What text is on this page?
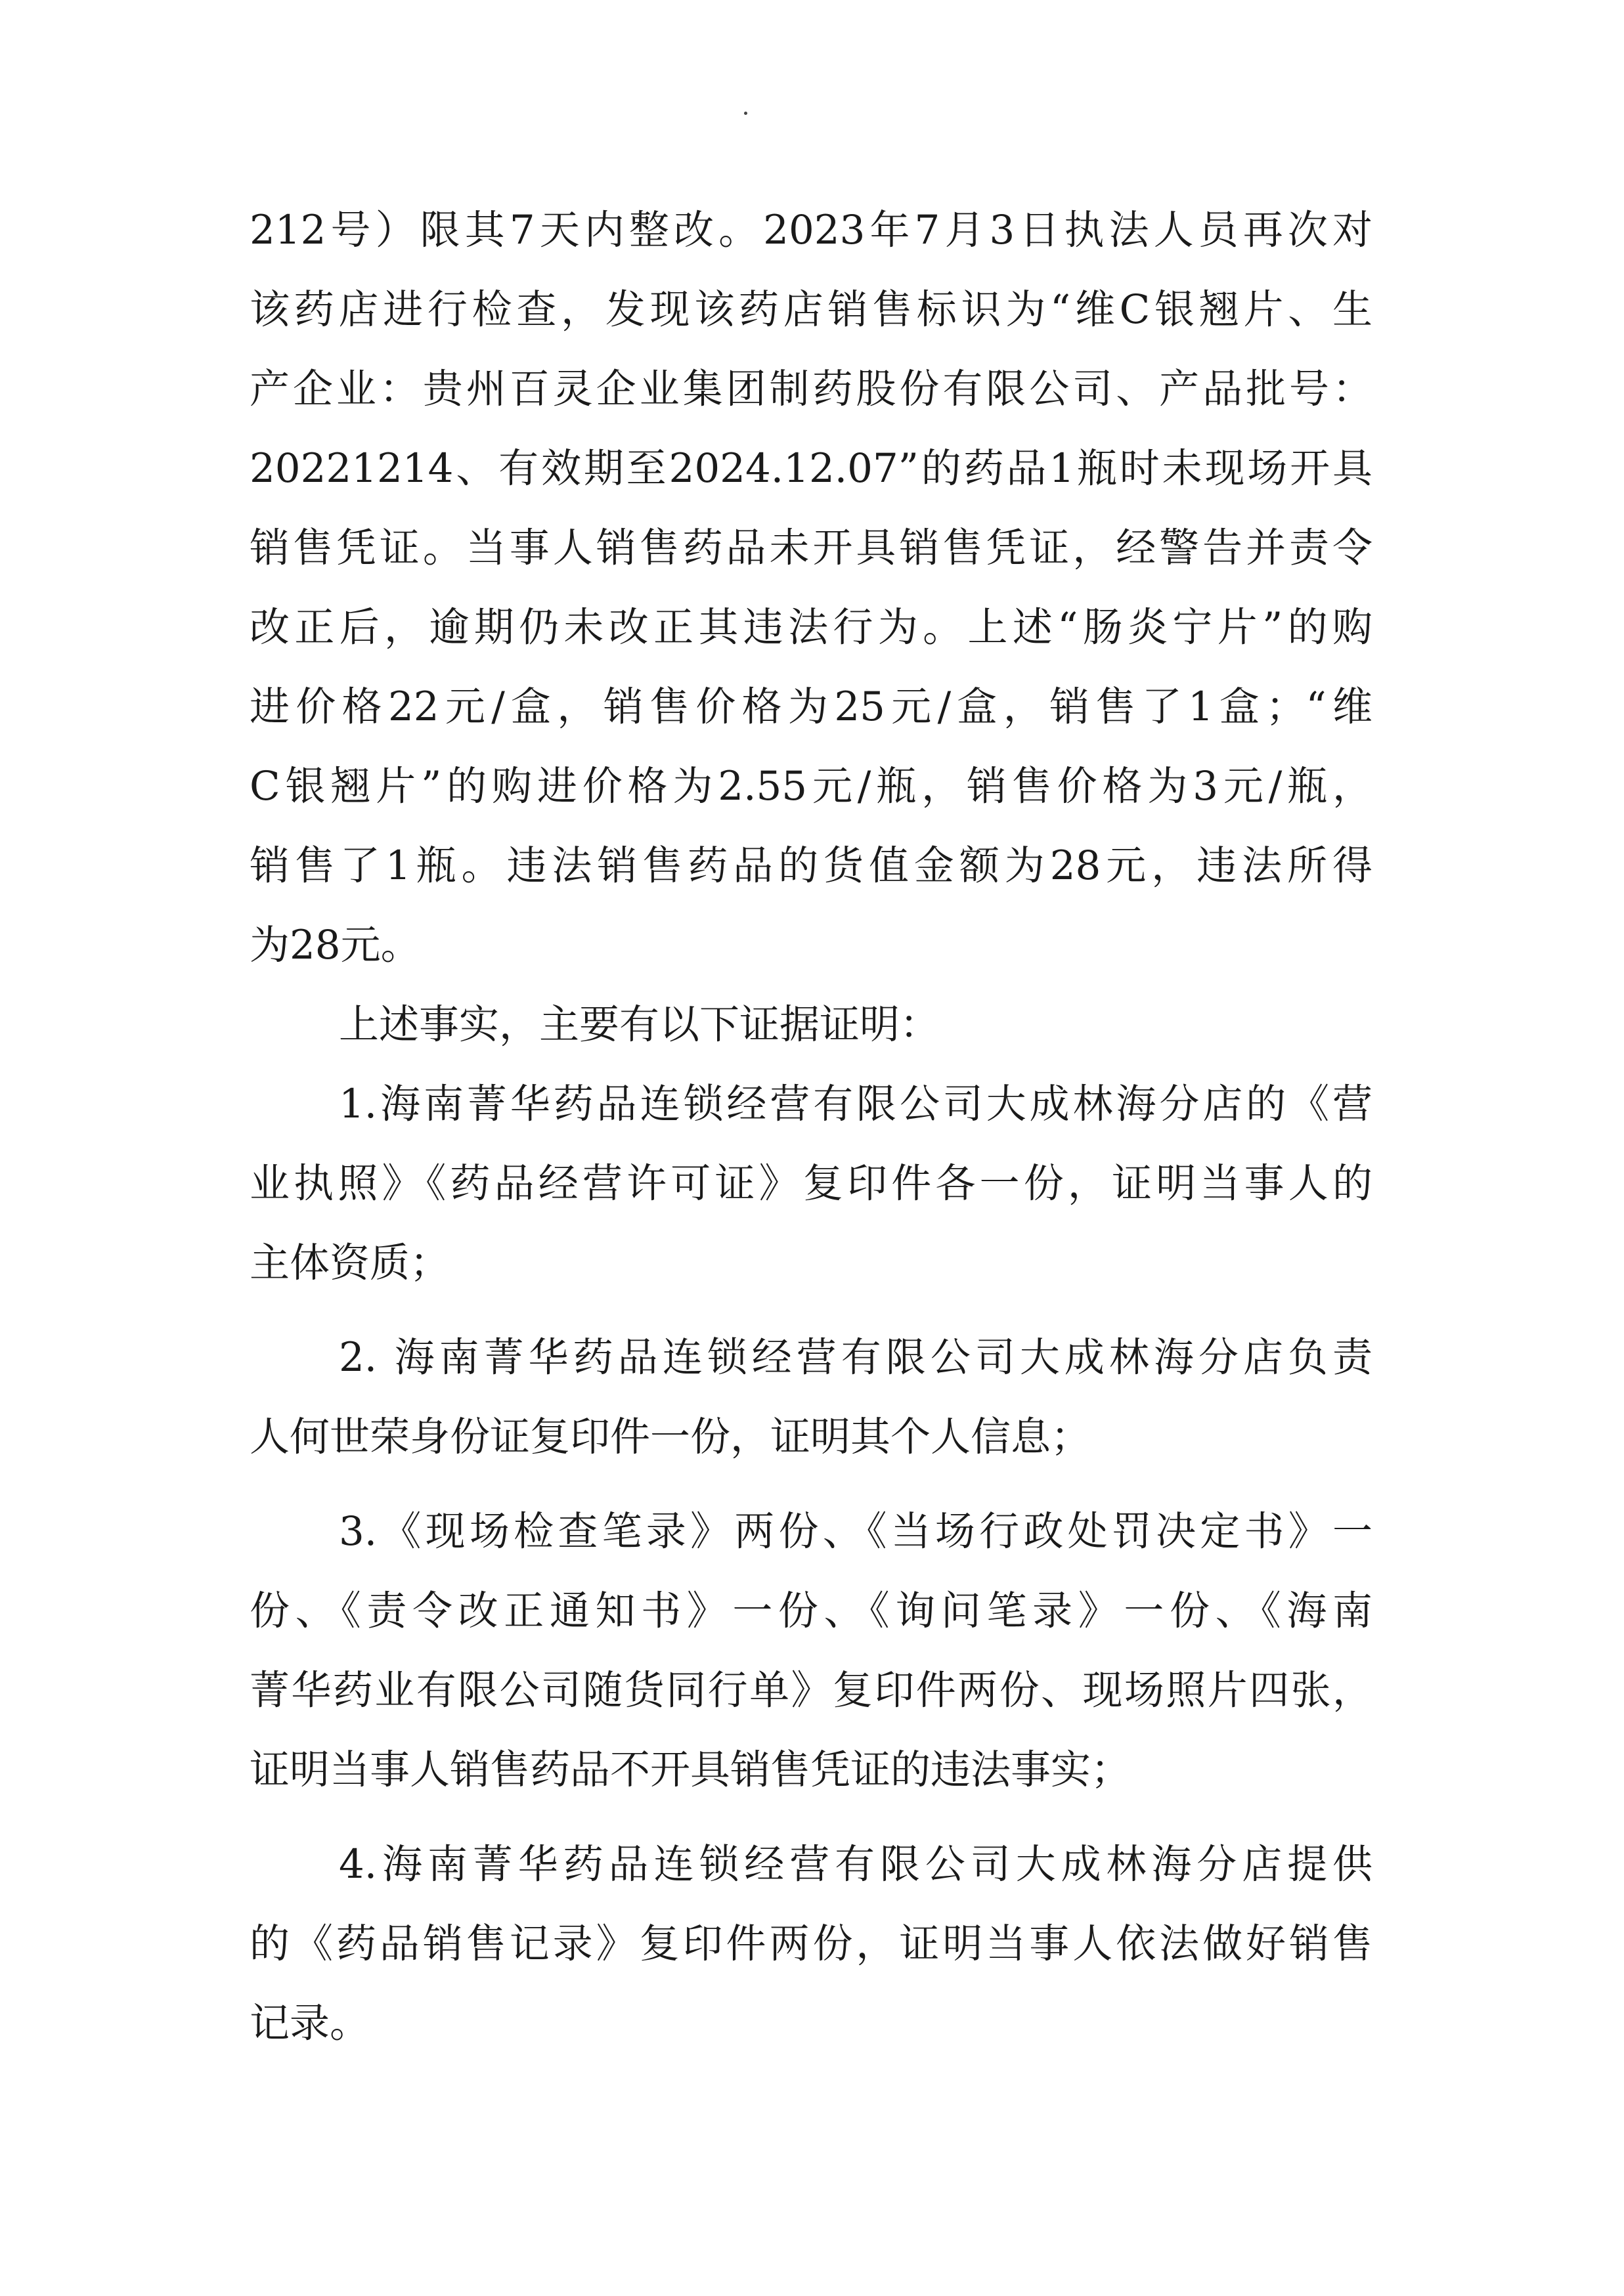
212号）限其7天内整改。2023年7月3日执法人员再次对
该药店进行检查，发现该药店销售标识为“维C银翘片、生
产企业：贵州百灵企业集团制药股份有限公司、产品批号：
20221214、有效期至2024.12.07”的药品1瓶时未现场开具
销售凭证。当事人销售药品未开具销售凭证，经警告并责令
改正后，逾期仍未改正其违法行为。上述“肠炎宁片”的购
进价格22元/盒，销售价格为25元/盒，销售了1盒；“维
C银翘片”的购进价格为2.55元/瓶，销售价格为3元/瓶，
销售了1瓶。违法销售药品的货值金额为28元，违法所得
为28元。
上述事实，主要有以下证据证明：
1.海南菁华药品连锁经营有限公司大成林海分店的《营
业执照》《药品经营许可证》复印件各一份，证明当事人的
主体资质；
2. 海南菁华药品连锁经营有限公司大成林海分店负责
人何世荣身份证复印件一份，证明其个人信息；
3.《现场检查笔录》两份、《当场行政处罚决定书》一
份、《责令改正通知书》一份、《询问笔录》一份、《海南
菁华药业有限公司随货同行单》复印件两份、现场照片四张，
证明当事人销售药品不开具销售凭证的违法事实；
4.海南菁华药品连锁经营有限公司大成林海分店提供
的《药品销售记录》复印件两份，证明当事人依法做好销售
记录。
